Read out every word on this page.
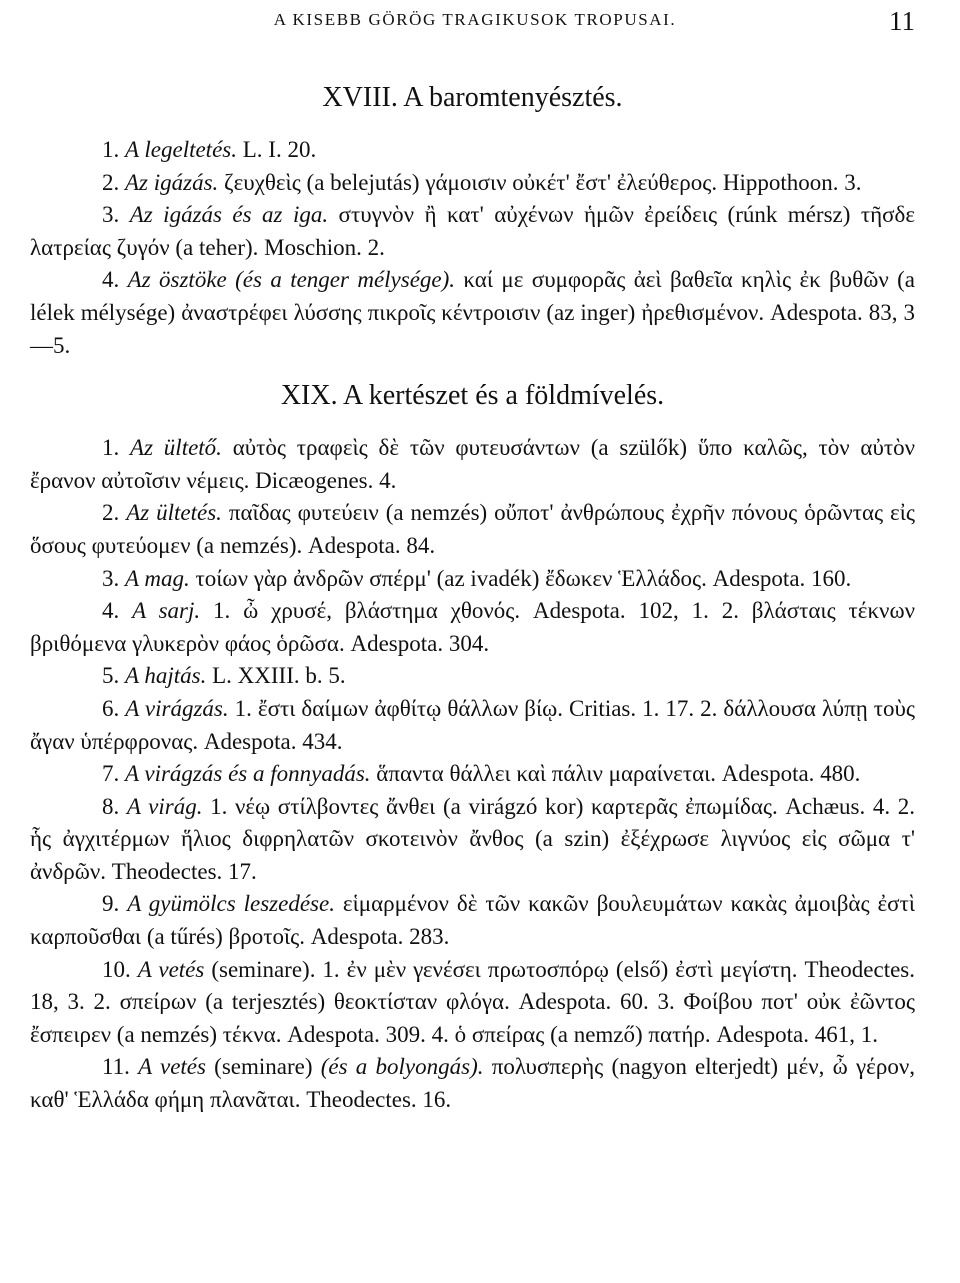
A KISEBB GÖRÖG TRAGIKUSOK TROPUSAI.	11
XVIII. A baromtenyésztés.

1. A legeltetés. L. I. 20.

2. Az igázás. ζευχθεὶς (a belejutás) γάμοισιν οὐκέτ' ἔστ' ἐλεύθερος. Hippothoon. 3.

3. Az igázás és az iga. στυγνὸν ἢ κατ' αὐχένων ἡμῶν ἐρείδεις (rúnk mérsz) τῆσδε λατρείας ζυγόν (a teher). Moschion. 2.

4. Az ösztöke (és a tenger mélysége). καί με συμφορᾶς ἀεὶ βαθεῖα κηλὶς ἐκ βυθῶν (a lélek mélysége) ἀναστρέφει λύσσης πικροῖς κέντροισιν (az inger) ἠρεθισμένον. Adespota. 83, 3—5.

XIX. A kertészet és a földmívelés.

1. Az ültető. αὐτὸς τραφεὶς δὲ τῶν φυτευσάντων (a szülők) ὕπο καλῶς, τὸν αὐτὸν ἔρανον αὐτοῖσιν νέμεις. Dicæogenes. 4.

2. Az ültetés. παῖδας φυτεύειν (a nemzés) οὔποτ' ἀνθρώπους ἐχρῆν πόνους ὁρῶντας εἰς ὅσους φυτεύομεν (a nemzés). Adespota. 84.

3. A mag. τοίων γὰρ ἀνδρῶν σπέρμ' (az ivadék) ἔδωκεν Ἑλλάδος. Adespota. 160.

4. A sarj. 1. ὦ χρυσέ, βλάστημα χθονός. Adespota. 102, 1. 2. βλάσταις τέκνων βριθόμενα γλυκερὸν φάος ὁρῶσα. Adespota. 304.

5. A hajtás. L. XXIII. b. 5.

6. A virágzás. 1. ἔστι δαίμων ἀφθίτῳ θάλλων βίῳ. Critias. 1. 17. 2. δάλλουσα λύπῃ τοὺς ἄγαν ὑπέρφρονας. Adespota. 434.

7. A virágzás és a fonnyadás. ἅπαντα θάλλει καὶ πάλιν μαραίνεται. Adespota. 480.

8. A virág. 1. νέῳ στίλβοντες ἄνθει (a virágzó kor) καρτερᾶς ἐπωμίδας. Achæus. 4. 2. ἧς ἀγχιτέρμων ἥλιος διφρηλατῶν σκοτεινὸν ἄνθος (a szin) ἐξέχρωσε λιγνύος εἰς σῶμα τ' ἀνδρῶν. Theodectes. 17.

9. A gyümölcs leszedése. εἱμαρμένον δὲ τῶν κακῶν βουλευμάτων κακὰς ἀμοιβὰς ἐστὶ καρποῦσθαι (a tűrés) βροτοῖς. Adespota. 283.

10. A vetés (seminare). 1. ἐν μὲν γενέσει πρωτοσπόρῳ (első) ἐστὶ μεγίστη. Theodectes. 18, 3. 2. σπείρων (a terjesztés) θεοκτίσταν φλόγα. Adespota. 60. 3. Φοίβου ποτ' οὐκ ἐῶντος ἔσπειρεν (a nemzés) τέκνα. Adespota. 309. 4. ὁ σπείρας (a nemző) πατήρ. Adespota. 461, 1.

11. A vetés (seminare) (és a bolyongás). πολυσπερὴς (nagyon elterjedt) μέν, ὦ γέρον, καθ' Ἑλλάδα φήμη πλανᾶται. Theodectes. 16.
